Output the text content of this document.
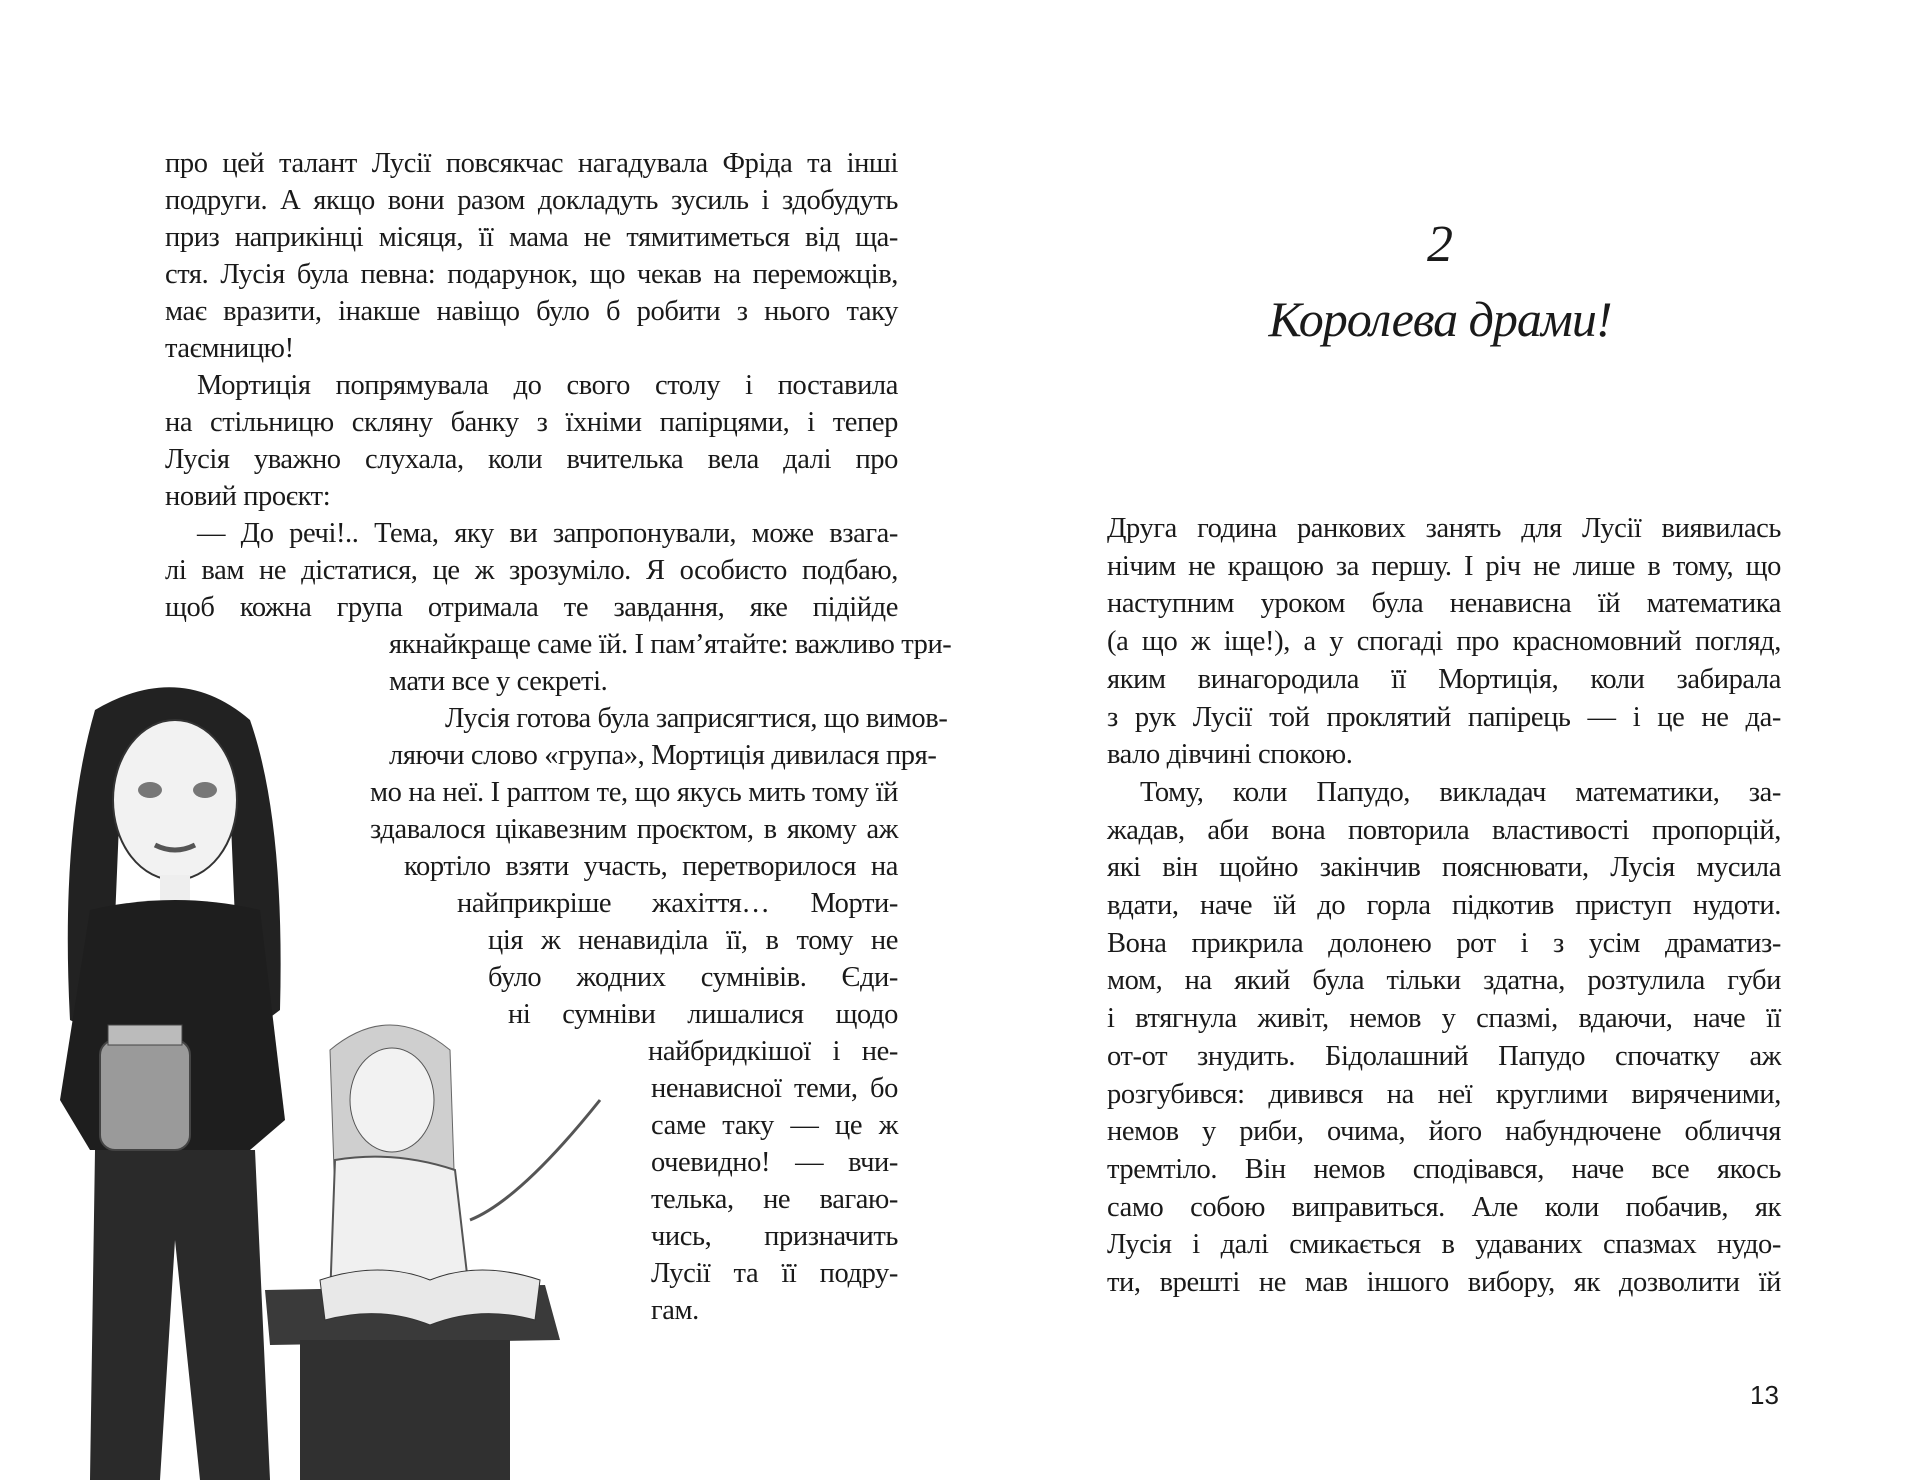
про цей талант Лусії повсякчас нагадувала Фріда та інші
подруги. А якщо вони разом докладуть зусиль і здобудуть
приз наприкінці місяця, її мама не тямитиметься від ща-
стя. Лусія була певна: подарунок, що чекав на переможців,
має вразити, інакше навіщо було б робити з нього таку
таємницю!
Мортиція попрямувала до свого столу і поставила
на стільницю скляну банку з їхніми папірцями, і тепер
Лусія уважно слухала, коли вчителька вела далі про
новий проєкт:
— До речі!.. Тема, яку ви запропонували, може взага-
лі вам не дістатися, це ж зрозуміло. Я особисто подбаю,
щоб кожна група отримала те завдання, яке підійде
якнайкраще саме їй. І пам’ятайте: важливо три-
мати все у секреті.
Лусія готова була заприсягтися, що вимов-
ляючи слово «група», Мортиція дивилася пря-
мо на неї. І раптом те, що якусь мить тому їй
здавалося цікавезним проєктом, в якому аж
кортіло взяти участь, перетворилося на
найприкріше жахіття… Морти-
ція ж ненавиділа її, в тому не
було жодних сумнівів. Єди-
ні сумніви лишалися щодо
найбридкішої і не-
ненависної теми, бо
саме таку — це ж
очевидно! — вчи-
телька, не вагаю-
чись, призначить
Лусії та її подру-
гам.
2
Королева драми!
13
Друга година ранкових занять для Лусії виявилась
нічим не кращою за першу. І річ не лише в тому, що
наступним уроком була ненависна їй математика
(а що ж іще!), а у спогаді про красномовний погляд,
яким винагородила її Мортиція, коли забирала
з рук Лусії той проклятий папірець — і це не да-
вало дівчині спокою.
Тому, коли Папудо, викладач математики, за-
жадав, аби вона повторила властивості пропорцій,
які він щойно закінчив пояснювати, Лусія мусила
вдати, наче їй до горла підкотив приступ нудоти.
Вона прикрила долонею рот і з усім драматиз-
мом, на який була тільки здатна, розтулила губи
і втягнула живіт, немов у спазмі, вдаючи, наче її
от-от знудить. Бідолашний Папудо спочатку аж
розгубився: дивився на неї круглими виряченими,
немов у риби, очима, його набундючене обличчя
тремтіло. Він немов сподівався, наче все якось
само собою виправиться. Але коли побачив, як
Лусія і далі смикається в удаваних спазмах нудо-
ти, врешті не мав іншого вибору, як дозволити їй
